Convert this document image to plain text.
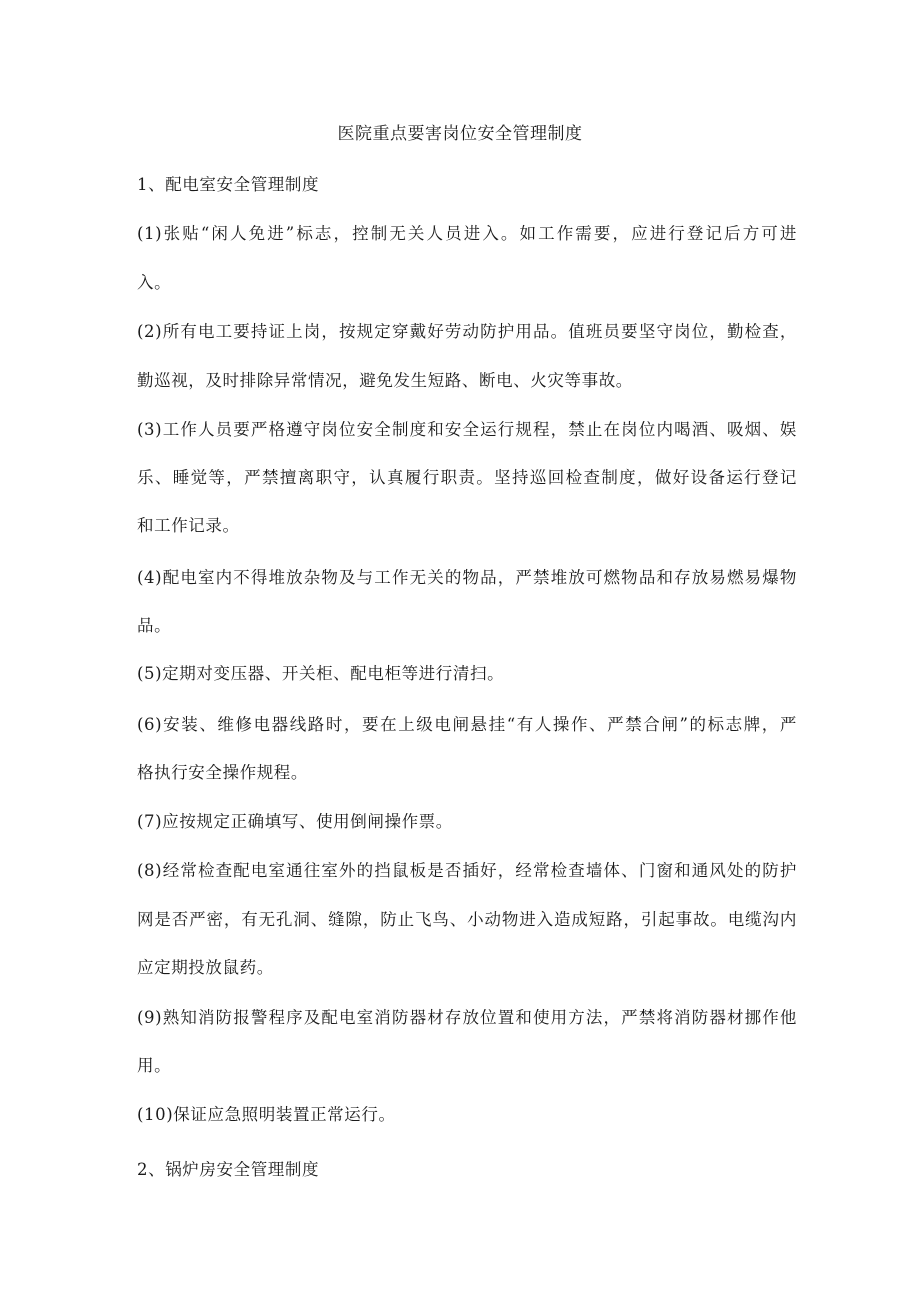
医院重点要害岗位安全管理制度
1、配电室安全管理制度
(1)张贴“闲人免进”标志，控制无关人员进入。如工作需要，应进行登记后方可进
入。
(2)所有电工要持证上岗，按规定穿戴好劳动防护用品。值班员要坚守岗位，勤检查，
勤巡视，及时排除异常情况，避免发生短路、断电、火灾等事故。
(3)工作人员要严格遵守岗位安全制度和安全运行规程，禁止在岗位内喝酒、吸烟、娱
乐、睡觉等，严禁擅离职守，认真履行职责。坚持巡回检查制度，做好设备运行登记
和工作记录。
(4)配电室内不得堆放杂物及与工作无关的物品，严禁堆放可燃物品和存放易燃易爆物
品。
(5)定期对变压器、开关柜、配电柜等进行清扫。
(6)安装、维修电器线路时，要在上级电闸悬挂“有人操作、严禁合闸”的标志牌，严
格执行安全操作规程。
(7)应按规定正确填写、使用倒闸操作票。
(8)经常检查配电室通往室外的挡鼠板是否插好，经常检查墙体、门窗和通风处的防护
网是否严密，有无孔洞、缝隙，防止飞鸟、小动物进入造成短路，引起事故。电缆沟内
应定期投放鼠药。
(9)熟知消防报警程序及配电室消防器材存放位置和使用方法，严禁将消防器材挪作他
用。
(10)保证应急照明装置正常运行。
2、锅炉房安全管理制度
